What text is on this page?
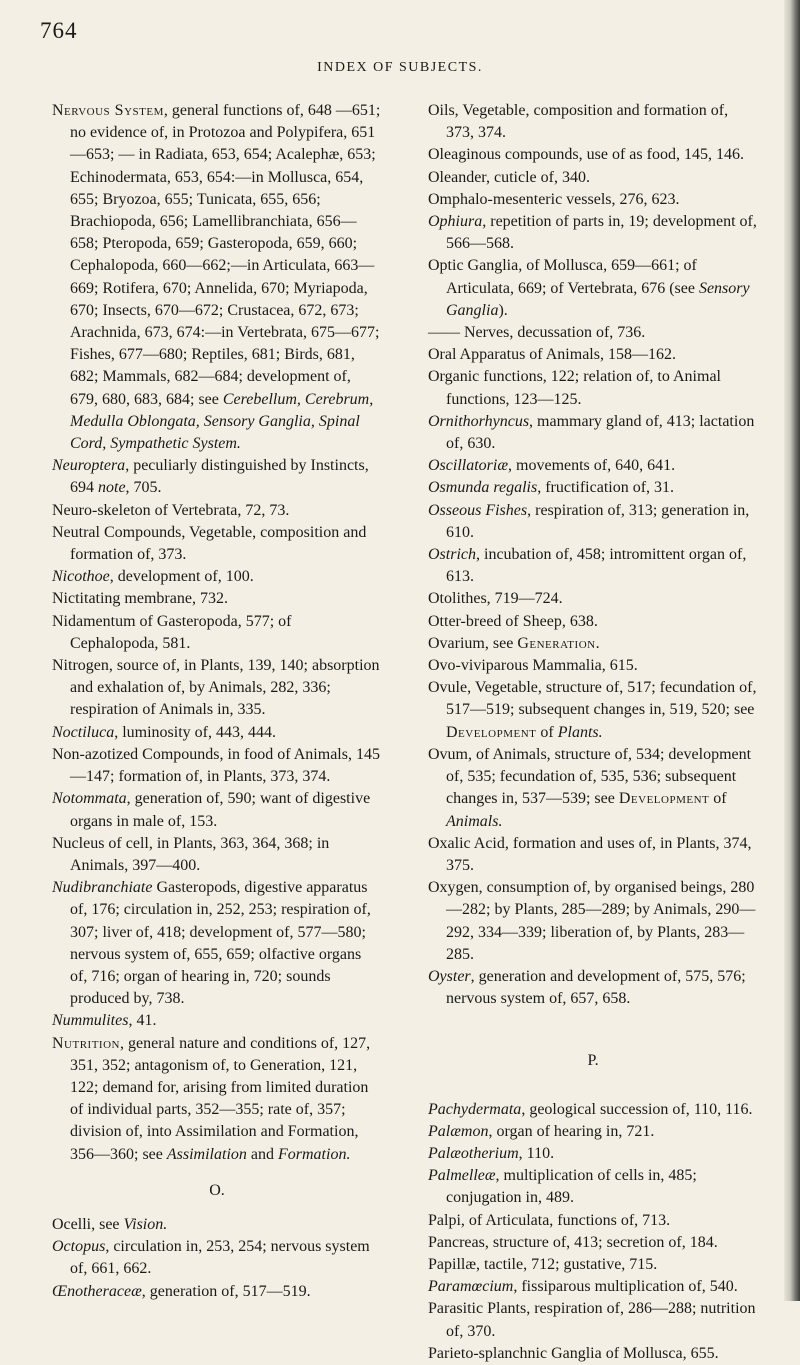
764
INDEX OF SUBJECTS.
Nervous System, general functions of, 648 —651; no evidence of, in Protozoa and Polypifera, 651—653; — in Radiata, 653, 654; Acalephæ, 653; Echinodermata, 653, 654:—in Mollusca, 654, 655; Bryozoa, 655; Tunicata, 655, 656; Brachiopoda, 656; Lamellibranchiata, 656—658; Pteropoda, 659; Gasteropoda, 659, 660; Cephalopoda, 660—662;—in Articulata, 663—669; Rotifera, 670; Annelida, 670; Myriapoda, 670; Insects, 670—672; Crustacea, 672, 673; Arachnida, 673, 674:—in Vertebrata, 675—677; Fishes, 677—680; Reptiles, 681; Birds, 681, 682; Mammals, 682—684; development of, 679, 680, 683, 684; see Cerebellum, Cerebrum, Medulla Oblongata, Sensory Ganglia, Spinal Cord, Sympathetic System.
Neuroptera, peculiarly distinguished by Instincts, 694 note, 705.
Neuro-skeleton of Vertebrata, 72, 73.
Neutral Compounds, Vegetable, composition and formation of, 373.
Nicothoe, development of, 100.
Nictitating membrane, 732.
Nidamentum of Gasteropoda, 577; of Cephalopoda, 581.
Nitrogen, source of, in Plants, 139, 140; absorption and exhalation of, by Animals, 282, 336; respiration of Animals in, 335.
Noctiluca, luminosity of, 443, 444.
Non-azotized Compounds, in food of Animals, 145—147; formation of, in Plants, 373, 374.
Notommata, generation of, 590; want of digestive organs in male of, 153.
Nucleus of cell, in Plants, 363, 364, 368; in Animals, 397—400.
Nudibranchiate Gasteropods, digestive apparatus of, 176; circulation in, 252, 253; respiration of, 307; liver of, 418; development of, 577—580; nervous system of, 655, 659; olfactive organs of, 716; organ of hearing in, 720; sounds produced by, 738.
Nummulites, 41.
Nutrition, general nature and conditions of, 127, 351, 352; antagonism of, to Generation, 121, 122; demand for, arising from limited duration of individual parts, 352—355; rate of, 357; division of, into Assimilation and Formation, 356—360; see Assimilation and Formation.
O.
Ocelli, see Vision.
Octopus, circulation in, 253, 254; nervous system of, 661, 662.
Œnotheraceæ, generation of, 517—519.
Oils, Vegetable, composition and formation of, 373, 374.
Oleaginous compounds, use of as food, 145, 146.
Oleander, cuticle of, 340.
Omphalo-mesenteric vessels, 276, 623.
Ophiura, repetition of parts in, 19; development of, 566—568.
Optic Ganglia, of Mollusca, 659—661; of Articulata, 669; of Vertebrata, 676 (see Sensory Ganglia).
—— Nerves, decussation of, 736.
Oral Apparatus of Animals, 158—162.
Organic functions, 122; relation of, to Animal functions, 123—125.
Ornithorhyncus, mammary gland of, 413; lactation of, 630.
Oscillatoriæ, movements of, 640, 641.
Osmunda regalis, fructification of, 31.
Osseous Fishes, respiration of, 313; generation in, 610.
Ostrich, incubation of, 458; intromittent organ of, 613.
Otolithes, 719—724.
Otter-breed of Sheep, 638.
Ovarium, see Generation.
Ovo-viviparous Mammalia, 615.
Ovule, Vegetable, structure of, 517; fecundation of, 517—519; subsequent changes in, 519, 520; see Development of Plants.
Ovum, of Animals, structure of, 534; development of, 535; fecundation of, 535, 536; subsequent changes in, 537—539; see Development of Animals.
Oxalic Acid, formation and uses of, in Plants, 374, 375.
Oxygen, consumption of, by organised beings, 280—282; by Plants, 285—289; by Animals, 290—292, 334—339; liberation of, by Plants, 283—285.
Oyster, generation and development of, 575, 576; nervous system of, 657, 658.
P.
Pachydermata, geological succession of, 110, 116.
Palæmon, organ of hearing in, 721.
Palæotherium, 110.
Palmelleæ, multiplication of cells in, 485; conjugation in, 489.
Palpi, of Articulata, functions of, 713.
Pancreas, structure of, 413; secretion of, 184.
Papillæ, tactile, 712; gustative, 715.
Paramœcium, fissiparous multiplication of, 540.
Parasitic Plants, respiration of, 286—288; nutrition of, 370.
Parieto-splanchnic Ganglia of Mollusca, 655.
